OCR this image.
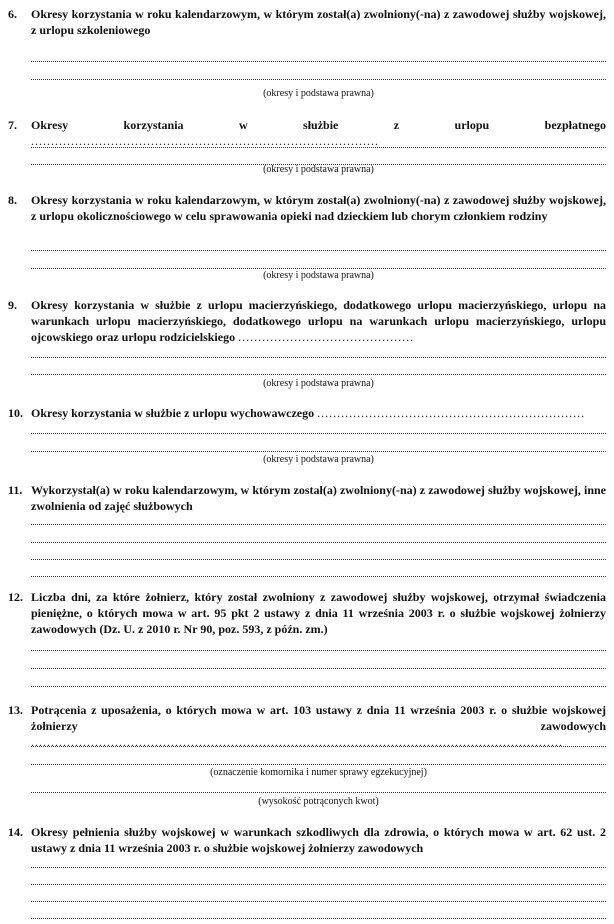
6. Okresy korzystania w roku kalendarzowym, w którym został(a) zwolniony(-na) z zawodowej służby wojskowej, z urlopu szkoleniowego
(okresy i podstawa prawna)
7. Okresy korzystania w służbie z urlopu bezpłatnego .......................................................................................
(okresy i podstawa prawna)
8. Okresy korzystania w roku kalendarzowym, w którym został(a) zwolniony(-na) z zawodowej służby wojskowej, z urlopu okolicznościowego w celu sprawowania opieki nad dzieckiem lub chorym członkiem rodziny
(okresy i podstawa prawna)
9. Okresy korzystania w służbie z urlopu macierzyńskiego, dodatkowego urlopu macierzyńskiego, urlopu na warunkach urlopu macierzyńskiego, dodatkowego urlopu na warunkach urlopu macierzyńskiego, urlopu ojcowskiego oraz urlopu rodzicielskiego ............................................
(okresy i podstawa prawna)
10. Okresy korzystania w służbie z urlopu wychowawczego ...................................................................
(okresy i podstawa prawna)
11. Wykorzystał(a) w roku kalendarzowym, w którym został(a) zwolniony(-na) z zawodowej służby wojskowej, inne zwolnienia od zajęć służbowych
12. Liczba dni, za które żołnierz, który został zwolniony z zawodowej służby wojskowej, otrzymał świadczenia pieniężne, o których mowa w art. 95 pkt 2 ustawy z dnia 11 września 2003 r. o służbie wojskowej żołnierzy zawodowych (Dz. U. z 2010 r. Nr 90, poz. 593, z późn. zm.)
13. Potrącenia z uposażenia, o których mowa w art. 103 ustawy z dnia 11 września 2003 r. o służbie wojskowej żołnierzy zawodowych .....................................................................................................................................
(oznaczenie komornika i numer sprawy egzekucyjnej)
(wysokość potrąconych kwot)
14. Okresy pełnienia służby wojskowej w warunkach szkodliwych dla zdrowia, o których mowa w art. 62 ust. 2 ustawy z dnia 11 września 2003 r. o służbie wojskowej żołnierzy zawodowych
